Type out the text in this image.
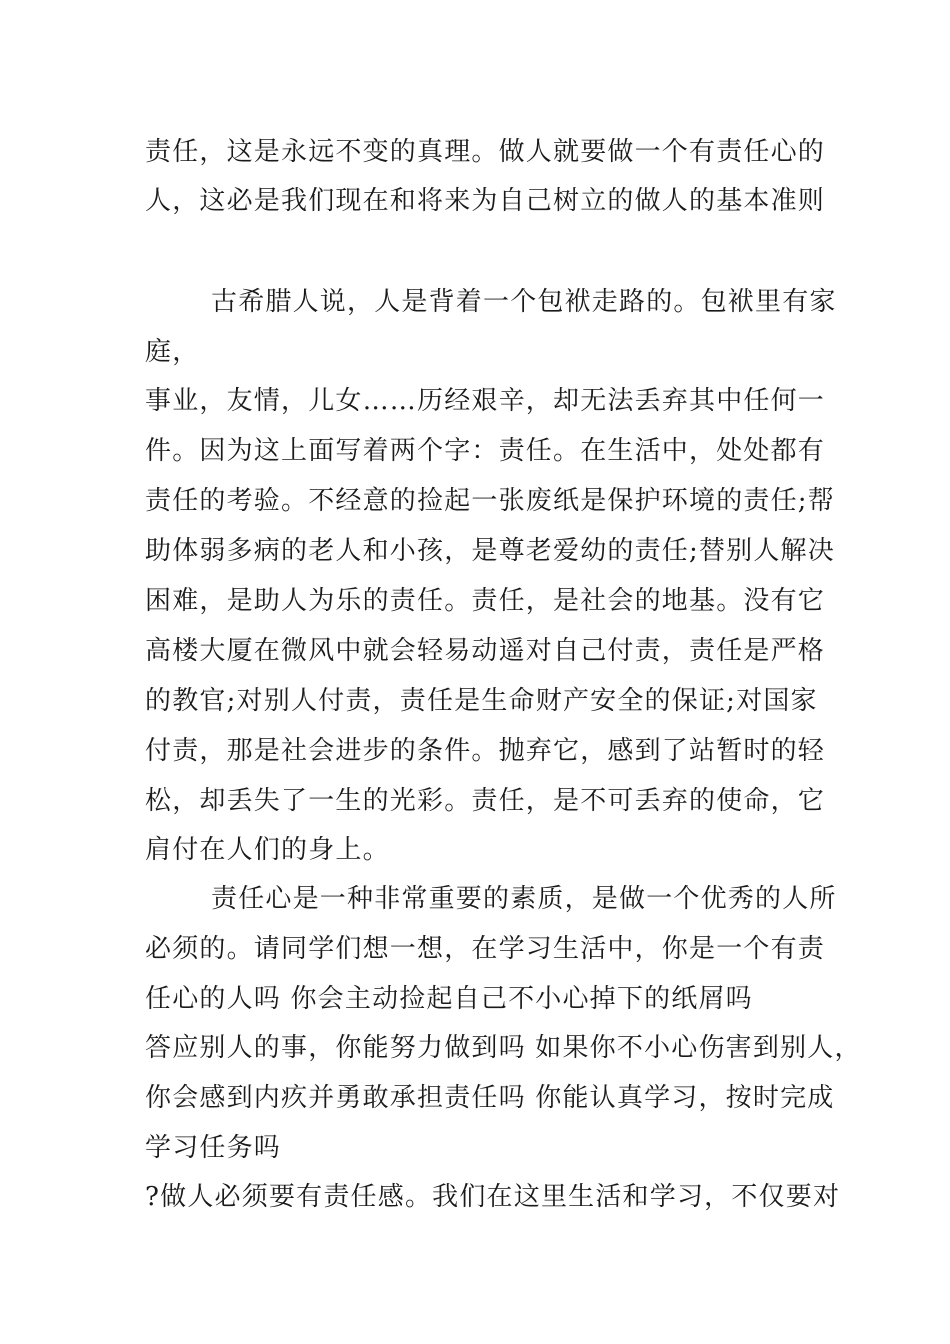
责任，这是永远不变的真理。做人就要做一个有责任心的
人，这必是我们现在和将来为自己树立的做人的基本准则
古希腊人说，人是背着一个包袱走路的。包袱里有家
庭，
事业，友情，儿女……历经艰辛，却无法丢弃其中任何一
件。因为这上面写着两个字：责任。在生活中，处处都有
责任的考验。不经意的捡起一张废纸是保护环境的责任;帮
助体弱多病的老人和小孩，是尊老爱幼的责任;替别人解决
困难，是助人为乐的责任。责任，是社会的地基。没有它
高楼大厦在微风中就会轻易动遥对自己付责，责任是严格
的教官;对别人付责，责任是生命财产安全的保证;对国家
付责，那是社会进步的条件。抛弃它，感到了站暂时的轻
松，却丢失了一生的光彩。责任，是不可丢弃的使命，它
肩付在人们的身上。
责任心是一种非常重要的素质，是做一个优秀的人所
必须的。请同学们想一想，在学习生活中，你是一个有责
任心的人吗 你会主动捡起自己不小心掉下的纸屑吗
答应别人的事，你能努力做到吗 如果你不小心伤害到别人，
你会感到内疚并勇敢承担责任吗 你能认真学习，按时完成
学习任务吗
?做人必须要有责任感。我们在这里生活和学习，不仅要对
